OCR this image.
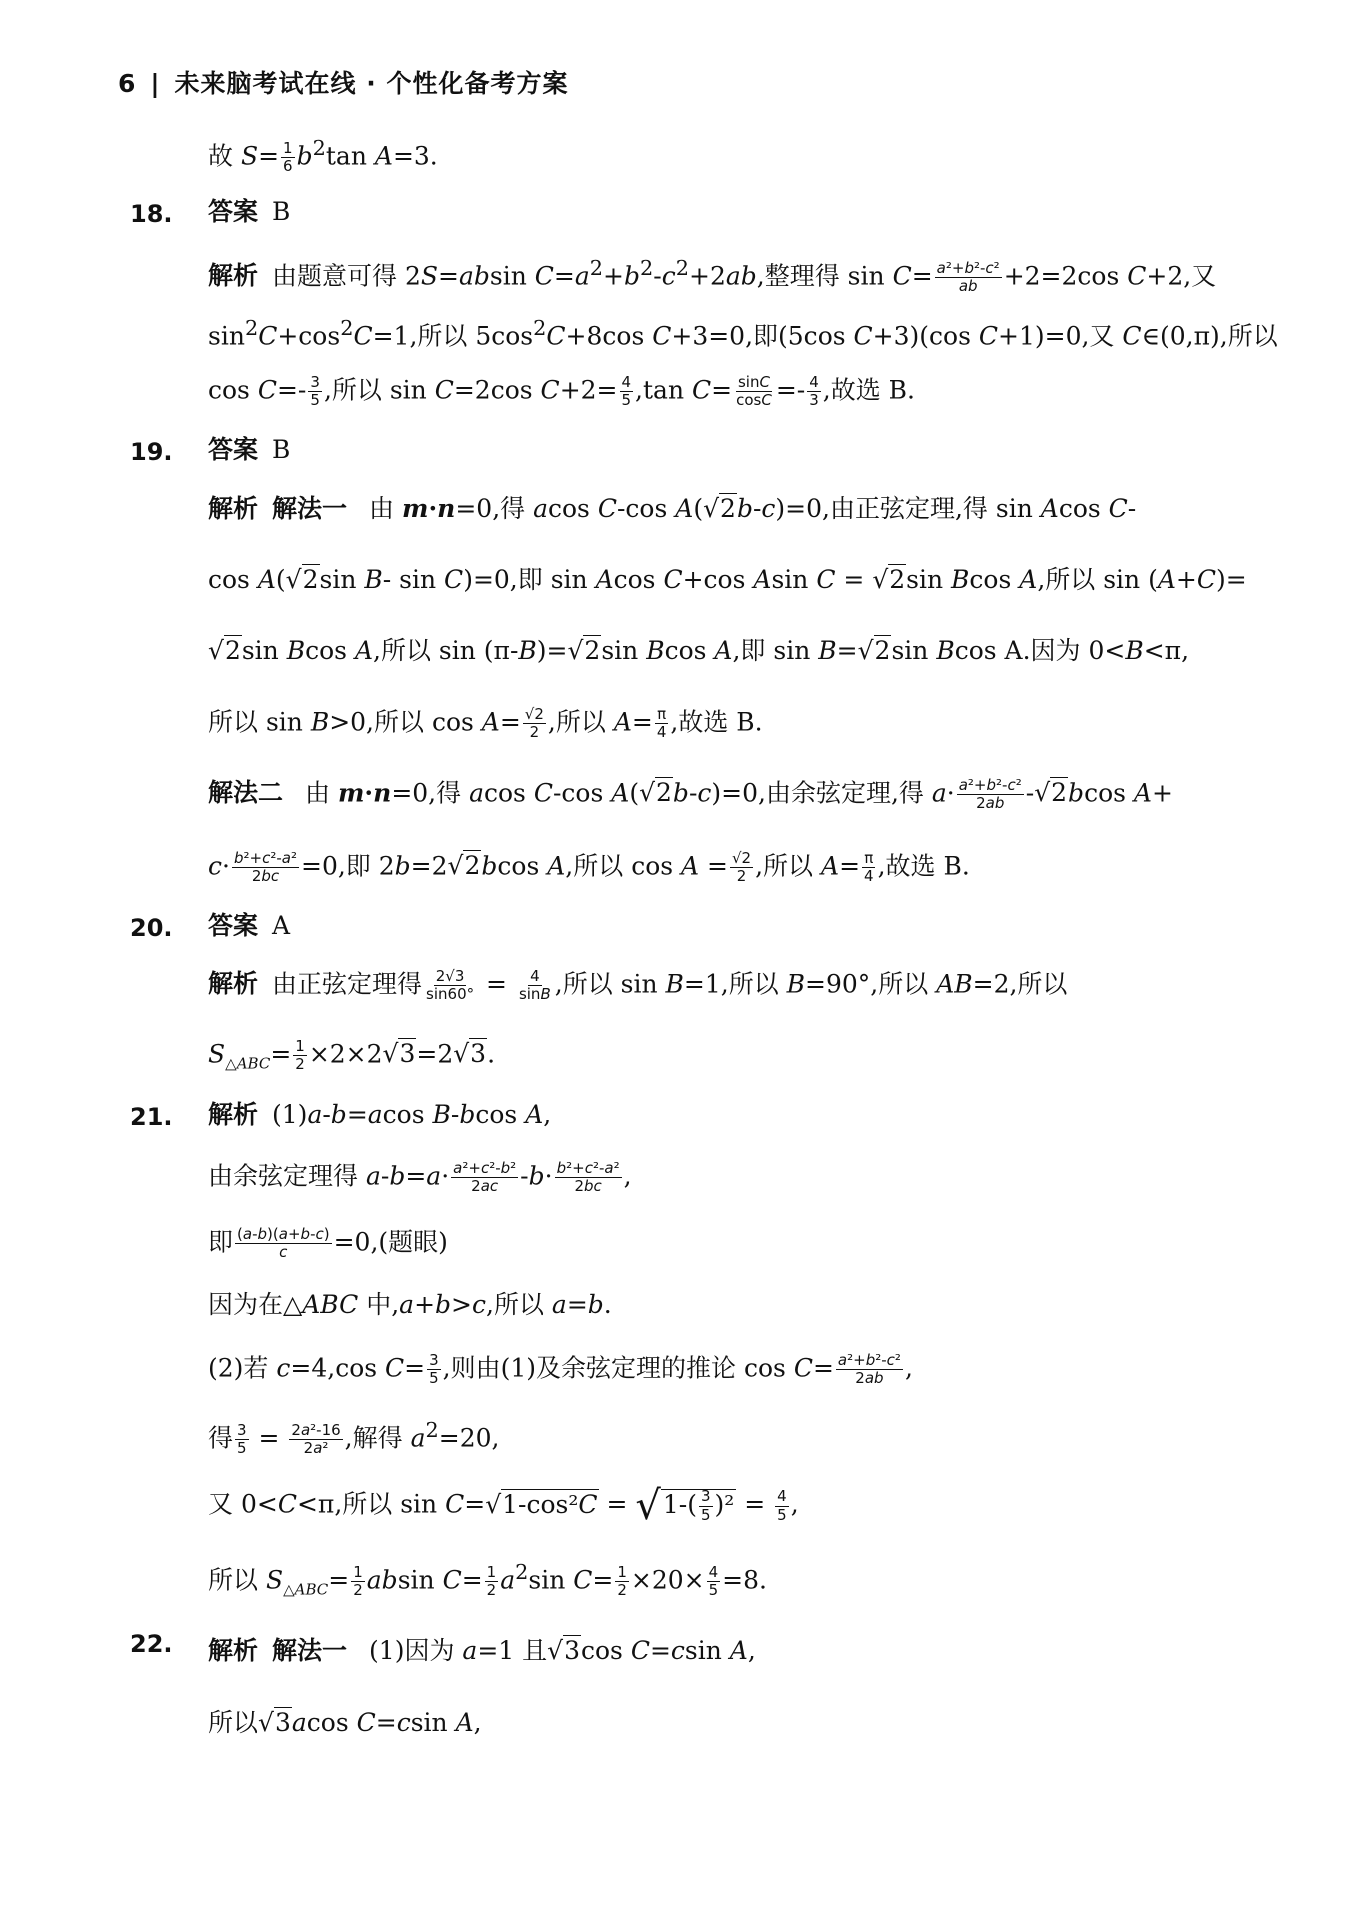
6 | 未来脑考试在线 · 个性化备考方案
故 $S= \frac{1}{6} b^2\tan$ A=3.
18. 答案 B
解析 由题意可得 2S=absin $C=a^2+b^2-c^2+2ab$,整理得 $\sin C= \frac{\text{a²+b²-c²}}{ab} +2=2\cos$ C+2,又
$\sin^2C+\cos^2C=1$,所以 $5\cos^2C+8\cos$ C+3=0,即(5cos C+3)(cos C+1)=0,又 C∈(0,π),所以
$\cos C=- \frac{3}{5}$ ,所以 sin C=2cos $C+2= \frac{4}{5} ,\tan$ $C= \frac{\sin C}{\cos C} =- \frac{4}{3}$ ,故选 B.
19. 答案 B
解析 解法一 由 m·n=0,得 acos C-cos A(√ 2b-c)=0,由正弦定理,得 sin Acos C-
cos A(√ 2sin B- sin C)=0,即 sin Acos C+cos Asin C = √ 2sin Bcos A,所以 sin (A+C)=
√ 2sin Bcos A,所以 sin (π-B)=√ 2sin Bcos A,即 sin B=√ 2sin Bcos A.因为 0<B<π,
所以 sin B>0,所以 $\cos A= \frac{√2}{2}$ ,所以 $A= \frac{\pi}{4}$ ,故选 B.
解法二 由 m·n=0,得 acos C-cos A(√ 2b-c)=0,由余弦定理,得 $a\cdot \frac{\text{a²+b²-c²}}{2ab}$ -√ 2bcos A+
$c\cdot \frac{\text{b²+c²-a²}}{2bc} =0$,即 2b=2√ 2bcos A,所以 $\cos A = \frac{√2}{2}$ ,所以 $A= \frac{\pi}{4}$ ,故选 B.
20. 答案 A
解析 由正弦定理得 $\frac{2√3}{\sin 60^\circ} = \frac{4}{\sin B}$ ,所以 sin B=1,所以 B=90°,所以 AB=2,所以
$S_{\triangle ABC}= \frac{1}{2} \times 2\times 2√$ 3=2√ 3.
21. 解析 (1)a-b=acos B-bcos A,
由余弦定理得 $a-b=a\cdot \frac{\text{a²+c²-b²}}{2ac} -b\cdot \frac{\text{b²+c²-a²}}{2bc}$ ,
即 $\frac{(a-b)(a+b-c)}{c} =0$,(题眼)
因为在△ABC 中,a+b>c,所以 a=b.
(2)若 c=4,cos $C= \frac{3}{5}$ ,则由(1)及余弦定理的推论 $\cos C= \frac{\text{a²+b²-c²}}{2ab}$ ,
得 $\frac{3}{5} = \frac{\text{2a²-16}}{\text{2a²}}$ ,解得 $a^2=20$,
又 0<C<π,所以 sin C=√ $1-\cos^2C = √1-( \frac{3}{5} )^2 = \frac{4}{5}$ ,
所以 $S_{\triangle ABC}= \frac{1}{2}$ absin $C= \frac{1}{2} a^2\sin$ $C= \frac{1}{2} \times 20\times \frac{4}{5} =8$.
22. 解析 解法一 (1)因为 a=1 且√ 3cos C=csin A,
所以√ 3acos C=csin A,
